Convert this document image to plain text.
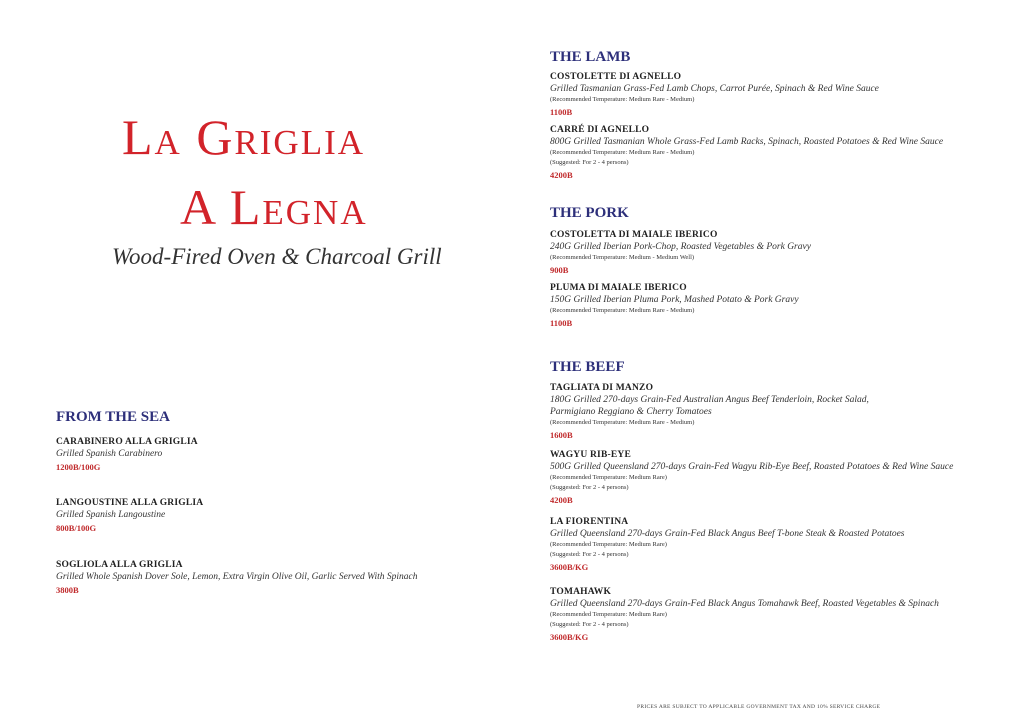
La Griglia
A Legna
Wood-Fired Oven & Charcoal Grill
FROM THE SEA
CARABINERO ALLA GRIGLIA
Grilled Spanish Carabinero
1200B/100G
LANGOUSTINE ALLA GRIGLIA
Grilled Spanish Langoustine
800B/100G
SOGLIOLA ALLA GRIGLIA
Grilled Whole Spanish Dover Sole, Lemon, Extra Virgin Olive Oil, Garlic Served With Spinach
3800B
THE LAMB
COSTOLETTE DI AGNELLO
Grilled Tasmanian Grass-Fed Lamb Chops, Carrot Purée, Spinach & Red Wine Sauce
(Recommended Temperature: Medium Rare - Medium)
1100B
CARRÉ DI AGNELLO
800G Grilled Tasmanian Whole Grass-Fed Lamb Racks, Spinach, Roasted Potatoes & Red Wine Sauce
(Recommended Temperature: Medium Rare - Medium)
(Suggested: For 2 - 4 persons)
4200B
THE PORK
COSTOLETTA DI MAIALE IBERICO
240G Grilled Iberian Pork-Chop, Roasted Vegetables & Pork Gravy
(Recommended Temperature: Medium - Medium Well)
900B
PLUMA DI MAIALE IBERICO
150G Grilled Iberian Pluma Pork, Mashed Potato & Pork Gravy
(Recommended Temperature: Medium Rare - Medium)
1100B
THE BEEF
TAGLIATA DI MANZO
180G Grilled 270-days Grain-Fed Australian Angus Beef Tenderloin, Rocket Salad,
Parmigiano Reggiano & Cherry Tomatoes
(Recommended Temperature: Medium Rare - Medium)
1600B
WAGYU RIB-EYE
500G Grilled Queensland 270-days Grain-Fed Wagyu Rib-Eye Beef, Roasted Potatoes & Red Wine Sauce
(Recommended Temperature: Medium Rare)
(Suggested: For 2 - 4 persons)
4200B
LA FIORENTINA
Grilled Queensland 270-days Grain-Fed Black Angus Beef T-bone Steak & Roasted Potatoes
(Recommended Temperature: Medium Rare)
(Suggested: For 2 - 4 persons)
3600B/KG
TOMAHAWK
Grilled Queensland 270-days Grain-Fed Black Angus Tomahawk Beef, Roasted Vegetables & Spinach
(Recommended Temperature: Medium Rare)
(Suggested: For 2 - 4 persons)
3600B/KG
PRICES ARE SUBJECT TO APPLICABLE GOVERNMENT TAX AND 10% SERVICE CHARGE
